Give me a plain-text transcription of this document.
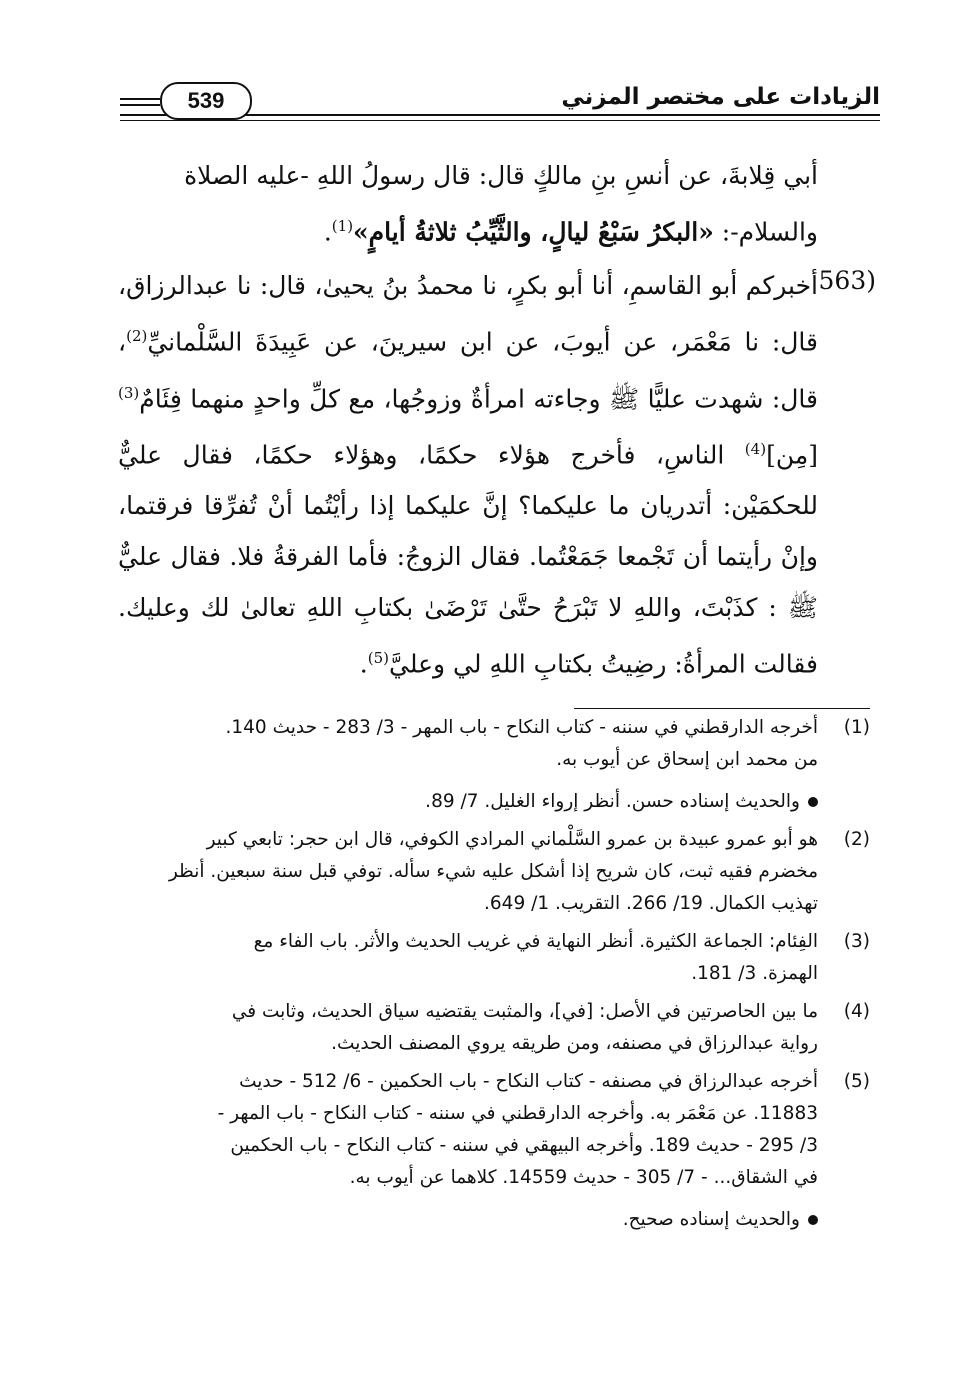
539	الزيادات على مختصر المزني

أبي قِلابةَ، عن أنسِ بنِ مالكٍ قال: قال رسولُ اللهِ -عليه الصلاة
والسلام-: «البكرُ سَبْعُ ليالٍ، والثَّيِّبُ ثلاثةُ أيامٍ»$^{(1)}$.

أخبركم أبو القاسمِ، أنا أبو بكرٍ، نا محمدُ بنُ يحيىٰ، قال: نا عبدالرزاق، قال: نا مَعْمَر، عن أيوبَ، عن ابن سيرينَ، عن عَبِيدَةَ السَّلْمانيِّ$^{(2)}$، قال: شهدت عليًّا ﷺ وجاءته امرأةٌ وزوجُها، مع كلِّ واحدٍ منهما فِئَامٌ$^{(3)}$ [مِن]$^{(4)}$ الناسِ، فأخرج هؤلاء حكمًا، وهؤلاء حكمًا، فقال عليٌّ للحكمَيْن: أتدريان ما عليكما؟ إنَّ عليكما إذا رأيْتُما أنْ تُفرِّقا فرقتما، وإنْ رأيتما أن تَجْمعا جَمَعْتُما. فقال الزوجُ: فأما الفرقةُ فلا. فقال عليٌّ ﷺ : كذَبْتَ، واللهِ لا تَبْرَحُ حتَّىٰ تَرْضَىٰ بكتابِ اللهِ تعالىٰ لك وعليك. فقالت المرأةُ: رضِيتُ بكتابِ اللهِ لي وعليَّ$^{(5)}$.

563)
(1)
أخرجه الدارقطني في سننه - كتاب النكاح - باب المهر - 3/ 283 - حديث 140.
من محمد ابن إسحاق عن أيوب به.
والحديث إسناده حسن. أنظر إرواء الغليل. 7/ 89.
(2)
هو أبو عمرو عبيدة بن عمرو السَّلْماني المرادي الكوفي، قال ابن حجر: تابعي كبير
مخضرم فقيه ثبت، كان شريح إذا أشكل عليه شيء سأله. توفي قبل سنة سبعين. أنظر
تهذيب الكمال. 19/ 266. التقريب. 1/ 649.
(3)
الفِئام: الجماعة الكثيرة. أنظر النهاية في غريب الحديث والأثر. باب الفاء مع
الهمزة. 3/ 181.
(4)
ما بين الحاصرتين في الأصل: [في]، والمثبت يقتضيه سياق الحديث، وثابت في
رواية عبدالرزاق في مصنفه، ومن طريقه يروي المصنف الحديث.
(5)
أخرجه عبدالرزاق في مصنفه - كتاب النكاح - باب الحكمين - 6/ 512 - حديث
11883. عن مَعْمَر به. وأخرجه الدارقطني في سننه - كتاب النكاح - باب المهر -
3/ 295 - حديث 189. وأخرجه البيهقي في سننه - كتاب النكاح - باب الحكمين
في الشقاق... - 7/ 305 - حديث 14559. كلاهما عن أيوب به.
والحديث إسناده صحيح.
